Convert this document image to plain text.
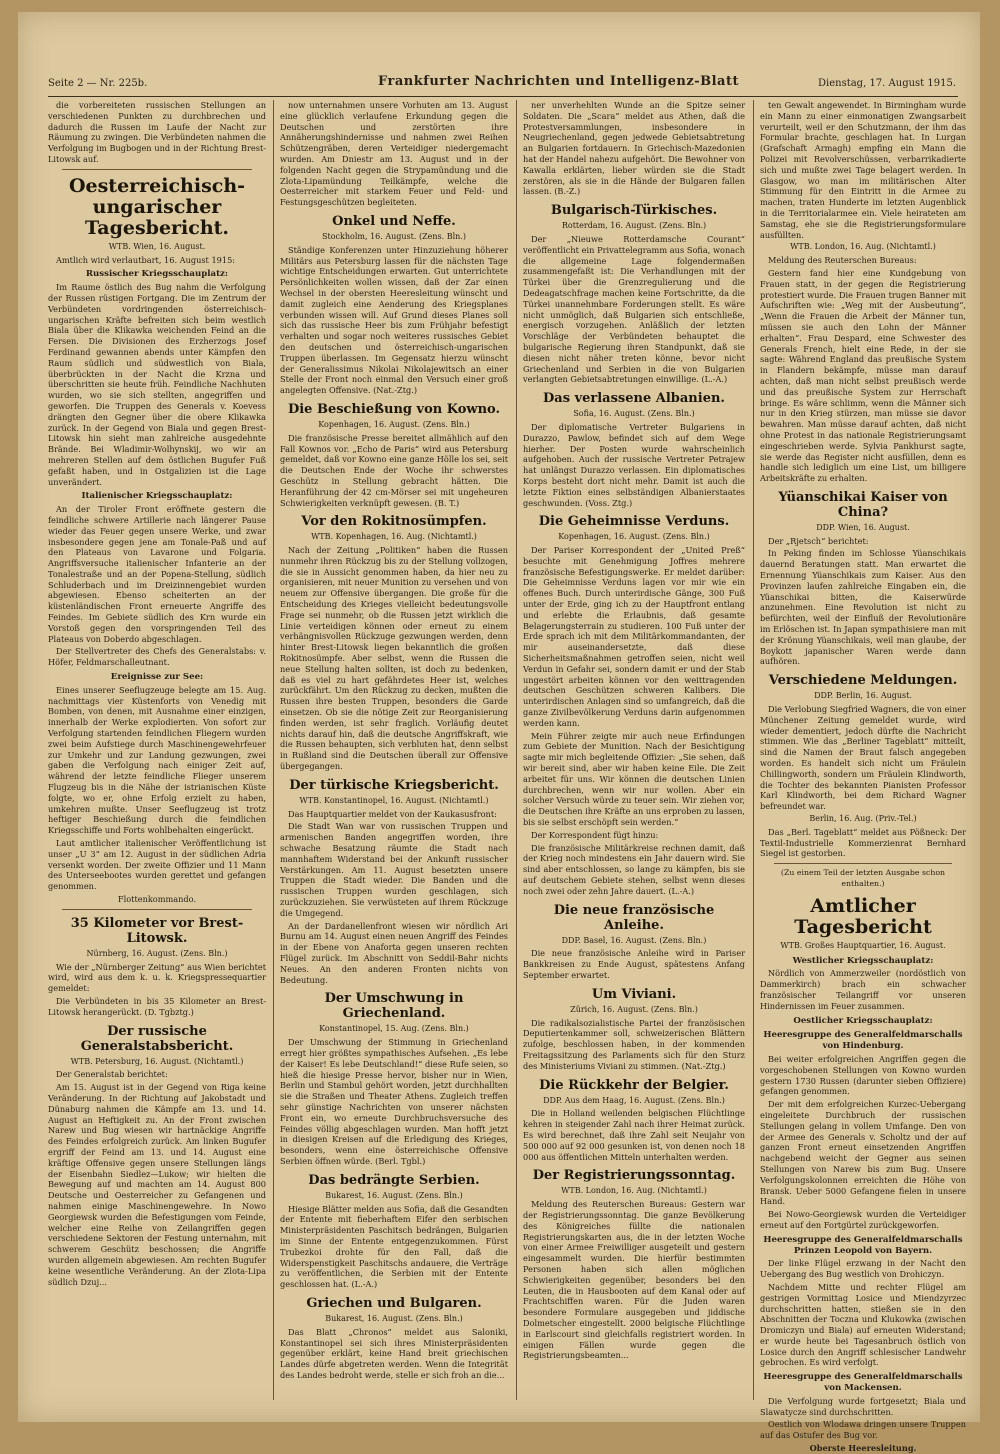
Seite 2 — Nr. 225b.	Frankfurter Nachrichten und Intelligenz-Blatt	Dienstag, 17. August 1915.

die vorbereiteten russischen Stellungen an verschiedenen Punkten zu durchbrechen und dadurch die Russen im Laufe der Nacht zur Räumung zu zwingen. Die Verbündeten nahmen die Verfolgung im Bugbogen und in der Richtung Brest-Litowsk auf.

Oesterreichisch-ungarischer Tagesbericht.
WTB. Wien, 16. August.

Amtlich wird verlautbart, 16. August 1915:

Russischer Kriegsschauplatz:

Im Raume östlich des Bug nahm die Verfolgung der Russen rüstigen Fortgang. Die im Zentrum der Verbündeten vordringenden österreichisch-ungarischen Kräfte befreiten sich beim westlich Biala über die Klikawka weichenden Feind an die Fersen. Die Divisionen des Erzherzogs Josef Ferdinand gewannen abends unter Kämpfen den Raum südlich und südwestlich von Biala, überbrückten in der Nacht die Krzna und überschritten sie heute früh. Feindliche Nachhuten wurden, wo sie sich stellten, angegriffen und geworfen. Die Truppen des Generals v. Koevess drängten den Gegner über die obere Klikawka zurück. In der Gegend von Biala und gegen Brest-Litowsk hin sieht man zahlreiche ausgedehnte Brände. Bei Wladimir-Wolhynskij, wo wir an mehreren Stellen auf dem östlichen Bugufer Fuß gefaßt haben, und in Ostgalizien ist die Lage unverändert.

Italienischer Kriegsschauplatz:

An der Tiroler Front eröffnete gestern die feindliche schwere Artillerie nach längerer Pause wieder das Feuer gegen unsere Werke, und zwar insbesondere gegen jene am Tonale-Paß und auf den Plateaus von Lavarone und Folgaria. Angriffsversuche italienischer Infanterie an der Tonalestraße und an der Popena-Stellung, südlich Schluderbach und im Dreizinnengebiet wurden abgewiesen. Ebenso scheiterten an der küstenländischen Front erneuerte Angriffe des Feindes. Im Gebiete südlich des Krn wurde ein Vorstoß gegen den vorspringenden Teil des Plateaus von Doberdo abgeschlagen.

Der Stellvertreter des Chefs des Generalstabs: v. Höfer, Feldmarschalleutnant.

Ereignisse zur See:

Eines unserer Seeflugzeuge belegte am 15. Aug. nachmittags vier Küstenforts von Venedig mit Bomben, von denen, mit Ausnahme einer einzigen, innerhalb der Werke explodierten. Von sofort zur Verfolgung startenden feindlichen Fliegern wurden zwei beim Aufstiege durch Maschinengewehrfeuer zur Umkehr und zur Landung gezwungen, zwei gaben die Verfolgung nach einiger Zeit auf, während der letzte feindliche Flieger unserem Flugzeug bis in die Nähe der istrianischen Küste folgte, wo er, ohne Erfolg erzielt zu haben, umkehren mußte. Unser Seeflugzeug ist trotz heftiger Beschießung durch die feindlichen Kriegsschiffe und Forts wohlbehalten eingerückt.

Laut amtlicher italienischer Veröffentlichung ist unser „U 3“ am 12. August in der südlichen Adria versenkt worden. Der zweite Offizier und 11 Mann des Unterseebootes wurden gerettet und gefangen genommen.

Flottenkommando.
35 Kilometer vor Brest-Litowsk.
Nürnberg, 16. August. (Zens. Bln.)

Wie der „Nürnberger Zeitung“ aus Wien berichtet wird, wird aus dem k. u. k. Kriegspressequartier gemeldet:

Die Verbündeten in bis 35 Kilometer an Brest-Litowsk herangerückt. (D. Tgbztg.)

Der russische Generalstabsbericht.
WTB. Petersburg, 16. August. (Nichtamtl.)

Der Generalstab berichtet:

Am 15. August ist in der Gegend von Riga keine Veränderung. In der Richtung auf Jakobstadt und Dünaburg nahmen die Kämpfe am 13. und 14. August an Heftigkeit zu. An der Front zwischen Narew und Bug wiesen wir hartnäckige Angriffe des Feindes erfolgreich zurück. Am linken Bugufer ergriff der Feind am 13. und 14. August eine kräftige Offensive gegen unsere Stellungen längs der Eisenbahn Siedlez—Lukow; wir hielten die Bewegung auf und machten am 14. August 800 Deutsche und Oesterreicher zu Gefangenen und nahmen einige Maschinengewehre. In Nowo Georgiewsk wurden die Befestigungen vom Feinde, welcher eine Reihe von Zeilangriffen gegen verschiedene Sektoren der Festung unternahm, mit schwerem Geschütz beschossen; die Angriffe wurden allgemein abgewiesen. Am rechten Bugufer keine wesentliche Veränderung. An der Zlota-Lipa südlich Dzuj...

now unternahmen unsere Vorhuten am 13. August eine glücklich verlaufene Erkundung gegen die Deutschen und zerstörten ihre Annäherungshindernisse und nahmen zwei Reihen Schützengräben, deren Verteidiger niedergemacht wurden. Am Dniestr am 13. August und in der folgenden Nacht gegen die Strypamündung und die Zlota-Lipamündung Teilkämpfe, welche die Oesterreicher mit starkem Feuer und Feld- und Festungsgeschützen begleiteten.

Onkel und Neffe.
Stockholm, 16. August. (Zens. Bln.)

Ständige Konferenzen unter Hinzuziehung höherer Militärs aus Petersburg lassen für die nächsten Tage wichtige Entscheidungen erwarten. Gut unterrichtete Persönlichkeiten wollen wissen, daß der Zar einen Wechsel in der obersten Heeresleitung wünscht und damit zugleich eine Aenderung des Kriegsplanes verbunden wissen will. Auf Grund dieses Planes soll sich das russische Heer bis zum Frühjahr befestigt verhalten und sogar noch weiteres russisches Gebiet den deutschen und österreichisch-ungarischen Truppen überlassen. Im Gegensatz hierzu wünscht der Generalissimus Nikolai Nikolajewitsch an einer Stelle der Front noch einmal den Versuch einer groß angelegten Offensive. (Nat.-Ztg.)

Die Beschießung von Kowno.
Kopenhagen, 16. August. (Zens. Bln.)

Die französische Presse bereitet allmählich auf den Fall Kownos vor. „Echo de Paris“ wird aus Petersburg gemeldet, daß vor Kowno eine ganze Hölle los sei, seit die Deutschen Ende der Woche ihr schwerstes Geschütz in Stellung gebracht hätten. Die Heranführung der 42 cm-Mörser sei mit ungeheuren Schwierigkeiten verknüpft gewesen. (B. T.)

Vor den Rokitnosümpfen.
WTB. Kopenhagen, 16. Aug. (Nichtamtl.)

Nach der Zeitung „Politiken“ haben die Russen nunmehr ihren Rückzug bis zu der Stellung vollzogen, die sie in Aussicht genommen haben, da hier neu zu organisieren, mit neuer Munition zu versehen und von neuem zur Offensive übergangen. Die große für die Entscheidung des Krieges vielleicht bedeutungsvolle Frage sei nunmehr, ob die Russen jetzt wirklich die Linie verteidigen können oder erneut zu einem verhängnisvollen Rückzuge gezwungen werden, denn hinter Brest-Litowsk liegen bekanntlich die großen Rokitnosümpfe. Aber selbst, wenn die Russen die neue Stellung halten sollten, ist doch zu bedenken, daß es viel zu hart gefährdetes Heer ist, welches zurückfährt. Um den Rückzug zu decken, mußten die Russen ihre besten Truppen, besonders die Garde einsetzen. Ob sie die nötige Zeit zur Reorganisierung finden werden, ist sehr fraglich. Vorläufig deutet nichts darauf hin, daß die deutsche Angriffskraft, wie die Russen behaupten, sich verbluten hat, denn selbst in Rußland sind die Deutschen überall zur Offensive übergegangen.

Der türkische Kriegsbericht.
WTB. Konstantinopel, 16. August. (Nichtamtl.)

Das Hauptquartier meldet von der Kaukasusfront:

Die Stadt Wan war von russischen Truppen und armenischen Banden angegriffen worden, ihre schwache Besatzung räumte die Stadt nach mannhaftem Widerstand bei der Ankunft russischer Verstärkungen. Am 11. August besetzten unsere Truppen die Stadt wieder. Die Banden und die russischen Truppen wurden geschlagen, sich zurückzuziehen. Sie verwüsteten auf ihrem Rückzuge die Umgegend.

An der Dardanellenfront wiesen wir nördlich Ari Burnu am 14. August einen neuen Angriff des Feindes in der Ebene von Anaforta gegen unseren rechten Flügel zurück. Im Abschnitt von Seddil-Bahr nichts Neues. An den anderen Fronten nichts von Bedeutung.

Der Umschwung in Griechenland.
Konstantinopel, 15. Aug. (Zens. Bln.)

Der Umschwung der Stimmung in Griechenland erregt hier größtes sympathisches Aufsehen. „Es lebe der Kaiser! Es lebe Deutschland!“ diese Rufe seien, so hieß die hiesige Presse hervor, bisher nur in Wien, Berlin und Stambul gehört worden, jetzt durchhallten sie die Straßen und Theater Athens. Zugleich treffen sehr günstige Nachrichten von unserer nächsten Front ein, wo erneute Durchbruchsversuche des Feindes völlig abgeschlagen wurden. Man hofft jetzt in diesigen Kreisen auf die Erledigung des Krieges, besonders, wenn eine österreichische Offensive Serbien öffnen würde. (Berl. Tgbl.)

Das bedrängte Serbien.
Bukarest, 16. August. (Zens. Bln.)

Hiesige Blätter melden aus Sofia, daß die Gesandten der Entente mit fieberhaftem Eifer den serbischen Ministerpräsidenten Paschitsch bedrängen, Bulgarien im Sinne der Entente entgegenzukommen. Fürst Trubezkoi drohte für den Fall, daß die Widerspenstigkeit Paschitschs andauere, die Verträge zu veröffentlichen, die Serbien mit der Entente geschlossen hat. (L.-A.)

Griechen und Bulgaren.
Bukarest, 16. August. (Zens. Bln.)

Das Blatt „Chronos“ meldet aus Saloniki, Konstantinopel sei sich ihres Ministerpräsidenten gegenüber erklärt, keine Hand breit griechischen Landes dürfe abgetreten werden. Wenn die Integrität des Landes bedroht werde, stelle er sich froh an die...

ner unverhehlten Wunde an die Spitze seiner Soldaten. Die „Scara“ meldet aus Athen, daß die Protestversammlungen, insbesondere in Neugriechenland, gegen jedwede Gebietsabtretung an Bulgarien fortdauern. In Griechisch-Mazedonien hat der Handel nahezu aufgehört. Die Bewohner von Kawalla erklärten, lieber würden sie die Stadt zerstören, als sie in die Hände der Bulgaren fallen lassen. (B.-Z.)

Bulgarisch-Türkisches.
Rotterdam, 16. August. (Zens. Bln.)

Der „Nieuwe Rotterdamsche Courant“ veröffentlicht ein Privattelegramm aus Sofia, wonach die allgemeine Lage folgendermaßen zusammengefaßt ist: Die Verhandlungen mit der Türkei über die Grenzregulierung und die Dedeagatschfrage machen keine Fortschritte, da die Türkei unannehmbare Forderungen stellt. Es wäre nicht unmöglich, daß Bulgarien sich entschließe, energisch vorzugehen. Anläßlich der letzten Vorschläge der Verbündeten behauptet die bulgarische Regierung ihren Standpunkt, daß sie diesen nicht näher treten könne, bevor nicht Griechenland und Serbien in die von Bulgarien verlangten Gebietsabtretungen einwillige. (L.-A.)

Das verlassene Albanien.
Sofia, 16. August. (Zens. Bln.)

Der diplomatische Vertreter Bulgariens in Durazzo, Pawlow, befindet sich auf dem Wege hierher. Der Posten wurde wahrscheinlich aufgehoben. Auch der russische Vertreter Petrajew hat unlängst Durazzo verlassen. Ein diplomatisches Korps besteht dort nicht mehr. Damit ist auch die letzte Fiktion eines selbständigen Albanierstaates geschwunden. (Voss. Ztg.)

Die Geheimnisse Verduns.
Kopenhagen, 16. August. (Zens. Bln.)

Der Pariser Korrespondent der „United Preß“ besuchte mit Genehmigung Joffres mehrere französische Befestigungswerke. Er meldet darüber: Die Geheimnisse Verduns lagen vor mir wie ein offenes Buch. Durch unterirdische Gänge, 300 Fuß unter der Erde, ging ich zu der Hauptfront entlang und erlebte die Erlaubnis, daß gesamte Belagerungsterrain zu studieren. 100 Fuß unter der Erde sprach ich mit dem Militärkommandanten, der mir auseinandersetzte, daß diese Sicherheitsmaßnahmen getroffen seien, nicht weil Verdun in Gefahr sei, sondern damit er und der Stab ungestört arbeiten können vor den weittragenden deutschen Geschützen schweren Kalibers. Die unterirdischen Anlagen sind so umfangreich, daß die ganze Zivilbevölkerung Verduns darin aufgenommen werden kann.

Mein Führer zeigte mir auch neue Erfindungen zum Gebiete der Munition. Nach der Besichtigung sagte mir mich begleitende Offizier: „Sie sehen, daß wir bereit sind, aber wir haben keine Eile. Die Zeit arbeitet für uns. Wir können die deutschen Linien durchbrechen, wenn wir nur wollen. Aber ein solcher Versuch würde zu teuer sein. Wir ziehen vor, die Deutschen ihre Kräfte an uns erproben zu lassen, bis sie selbst erschöpft sein werden.“

Der Korrespondent fügt hinzu:

Die französische Militärkreise rechnen damit, daß der Krieg noch mindestens ein Jahr dauern wird. Sie sind aber entschlossen, so lange zu kämpfen, bis sie auf deutschem Gebiete stehen, selbst wenn dieses noch zwei oder zehn Jahre dauert. (L.-A.)

Die neue französische Anleihe.
DDP. Basel, 16. August. (Zens. Bln.)

Die neue französische Anleihe wird in Pariser Bankkreisen zu Ende August, spätestens Anfang September erwartet.

Um Viviani.
Zürich, 16. August. (Zens. Bln.)

Die radikalsozialistische Partei der französischen Deputiertenkammer soll, schweizerischen Blättern zufolge, beschlossen haben, in der kommenden Freitagssitzung des Parlaments sich für den Sturz des Ministeriums Viviani zu stimmen. (Nat.-Ztg.)

Die Rückkehr der Belgier.
DDP. Aus dem Haag, 16. August. (Zens. Bln.)

Die in Holland weilenden belgischen Flüchtlinge kehren in steigender Zahl nach ihrer Heimat zurück. Es wird berechnet, daß ihre Zahl seit Neujahr von 500 000 auf 92 000 gesunken ist, von denen noch 18 000 aus öffentlichen Mitteln unterhalten werden.

Der Registrierungssonntag.
WTB. London, 16. Aug. (Nichtamtl.)

Meldung des Reuterschen Bureaus: Gestern war der Registrierungssonntag. Die ganze Bevölkerung des Königreiches füllte die nationalen Registrierungskarten aus, die in der letzten Woche von einer Armee Freiwilliger ausgeteilt und gestern eingesammelt wurden. Die hierfür bestimmten Personen haben sich allen möglichen Schwierigkeiten gegenüber, besonders bei den Leuten, die in Hausbooten auf dem Kanal oder auf Frachtschiffen waren. Für die Juden waren besondere Formulare ausgegeben und jiddische Dolmetscher eingestellt. 2000 belgische Flüchtlinge in Earlscourt sind gleichfalls registriert worden. In einigen Fällen wurde gegen die Registrierungsbeamten...

ten Gewalt angewendet. In Birmingham wurde ein Mann zu einer einmonatigen Zwangsarbeit verurteilt, weil er den Schutzmann, der ihm das Formular brachte, geschlagen hat. In Lurgan (Grafschaft Armagh) empfing ein Mann die Polizei mit Revolverschüssen, verbarrikadierte sich und mußte zwei Tage belagert werden. In Glasgow, wo man im militärischen Alter Stimmung für den Eintritt in die Armee zu machen, traten Hunderte im letzten Augenblick in die Territorialarmee ein. Viele heirateten am Samstag, ehe sie die Registrierungsformulare ausfüllten.

WTB. London, 16. Aug. (Nichtamtl.)

Meldung des Reuterschen Bureaus:

Gestern fand hier eine Kundgebung von Frauen statt, in der gegen die Registrierung protestiert wurde. Die Frauen trugen Banner mit Aufschriften wie: „Weg mit der Ausbeutung“, „Wenn die Frauen die Arbeit der Männer tun, müssen sie auch den Lohn der Männer erhalten“. Frau Despard, eine Schwester des Generals French, hielt eine Rede, in der sie sagte: Während England das preußische System in Flandern bekämpfe, müsse man darauf achten, daß man nicht selbst preußisch werde und das preußische System zur Herrschaft bringe. Es wäre schlimm, wenn die Männer sich nur in den Krieg stürzen, man müsse sie davor bewahren. Man müsse darauf achten, daß nicht ohne Protest in das nationale Registrierungsamt eingeschrieben werde. Sylvia Pankhurst sagte, sie werde das Register nicht ausfüllen, denn es handle sich lediglich um eine List, um billigere Arbeitskräfte zu erhalten.

Yüanschikai Kaiser von China?
DDP. Wien, 16. August.

Der „Rjetsch“ berichtet:

In Peking finden im Schlosse Yüanschikais dauernd Beratungen statt. Man erwartet die Ernennung Yüanschikais zum Kaiser. Aus den Provinzen laufen zahlreiche Eingaben ein, die Yüanschikai bitten, die Kaiserwürde anzunehmen. Eine Revolution ist nicht zu befürchten, weil der Einfluß der Revolutionäre im Erlöschen ist. In Japan sympathisiere man mit der Krönung Yüanschikais, weil man glaube, der Boykott japanischer Waren werde dann aufhören.

Verschiedene Meldungen.
DDP. Berlin, 16. August.

Die Verlobung Siegfried Wagners, die von einer Münchener Zeitung gemeldet wurde, wird wieder dementiert, jedoch dürfte die Nachricht stimmen. Wie das „Berliner Tageblatt“ mitteilt, sind die Namen der Braut falsch angegeben worden. Es handelt sich nicht um Fräulein Chillingworth, sondern um Fräulein Klindworth, die Tochter des bekannten Pianisten Professor Karl Klindworth, bei dem Richard Wagner befreundet war.

Berlin, 16. Aug. (Priv.-Tel.)

Das „Berl. Tageblatt“ meldet aus Pößneck: Der Textil-Industrielle Kommerzienrat Bernhard Siegel ist gestorben.

(Zu einem Teil der letzten Ausgabe schon enthalten.)
Amtlicher Tagesbericht
WTB. Großes Hauptquartier, 16. August.
Westlicher Kriegsschauplatz:

Nördlich von Ammerzweiler (nordöstlich von Dammerkirch) brach ein schwacher französischer Teilangriff vor unseren Hindernissen im Feuer zusammen.

Oestlicher Kriegsschauplatz:
Heeresgruppe des Generalfeldmarschalls von Hindenburg.

Bei weiter erfolgreichen Angriffen gegen die vorgeschobenen Stellungen von Kowno wurden gestern 1730 Russen (darunter sieben Offiziere) gefangen genommen.

Der mit dem erfolgreichen Kurzec-Uebergang eingeleitete Durchbruch der russischen Stellungen gelang in vollem Umfange. Den von der Armee des Generals v. Scholtz und der auf ganzen Front erneut einsetzenden Angriffen nachgebend weicht der Gegner aus seinen Stellungen von Narew bis zum Bug. Unsere Verfolgungskolonnen erreichten die Höhe von Bransk. Ueber 5000 Gefangene fielen in unsere Hand.

Bei Nowo-Georgiewsk wurden die Verteidiger erneut auf den Fortgürtel zurückgeworfen.

Heeresgruppe des Generalfeldmarschalls Prinzen Leopold von Bayern.

Der linke Flügel erzwang in der Nacht den Uebergang des Bug westlich von Drohiczyn.

Nachdem Mitte und rechter Flügel am gestrigen Vormittag Losice und Miendzyrzec durchschritten hatten, stießen sie in den Abschnitten der Toczna und Klukowka (zwischen Dromiczyn und Biala) auf erneuten Widerstand; er wurde heute bei Tagesanbruch östlich von Losice durch den Angriff schlesischer Landwehr gebrochen. Es wird verfolgt.

Heeresgruppe des Generalfeldmarschalls von Mackensen.

Die Verfolgung wurde fortgesetzt; Biala und Slawatycze sind durchschritten.

Oestlich von Wlodawa dringen unsere Truppen auf das Ostufer des Bug vor.

Oberste Heeresleitung.
